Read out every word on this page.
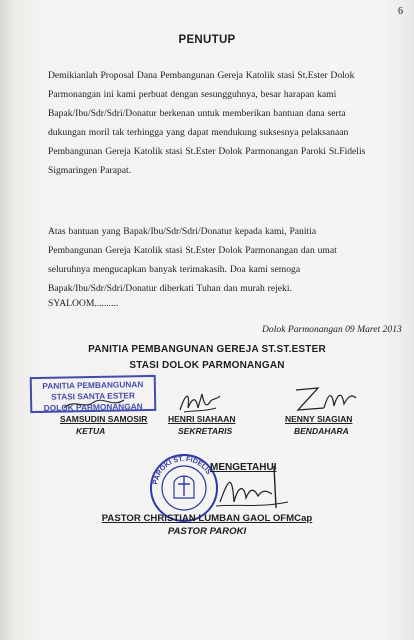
6
PENUTUP
Demikianlah Proposal Dana Pembangunan Gereja Katolik stasi St.Ester Dolok
Parmonangan ini kami perbuat dengan sesungguhnya, besar harapan kami
Bapak/Ibu/Sdr/Sdri/Donatur berkenan untuk memberikan bantuan dana serta
dukungan moril tak terhingga yang dapat mendukung suksesnya pelaksanaan
Pembangunan Gereja Katolik stasi St.Ester Dolok Parmonangan Paroki St.Fidelis
Sigmaringen Parapat.
Atas bantuan yang Bapak/Ibu/Sdr/Sdri/Donatur kepada kami, Panitia
Pembangunan Gereja Katolik stasi St.Ester Dolok Parmonangan dan umat
seluruhnya mengucapkan banyak terimakasih. Doa kami semoga
Bapak/Ibu/Sdr/Sdri/Donatur diberkati Tuhan dan murah rejeki.
SYALOOM..........
Dolok Parmonangan 09 Maret 2013
PANITIA PEMBANGUNAN GEREJA ST.ST.ESTER
STASI DOLOK PARMONANGAN
PANITIA PEMBANGUNAN
STASI SANTA ESTER
DOLOK PARMONANGAN
SAMSUDIN SAMOSIR
KETUA
HENRI SIAHAAN
SEKRETARIS
NENNY SIAGIAN
BENDAHARA
PAROKI ST. FIDELIS
MENGETAHUI
PASTOR CHRISTIAN LUMBAN GAOL OFMCap
PASTOR PAROKI
